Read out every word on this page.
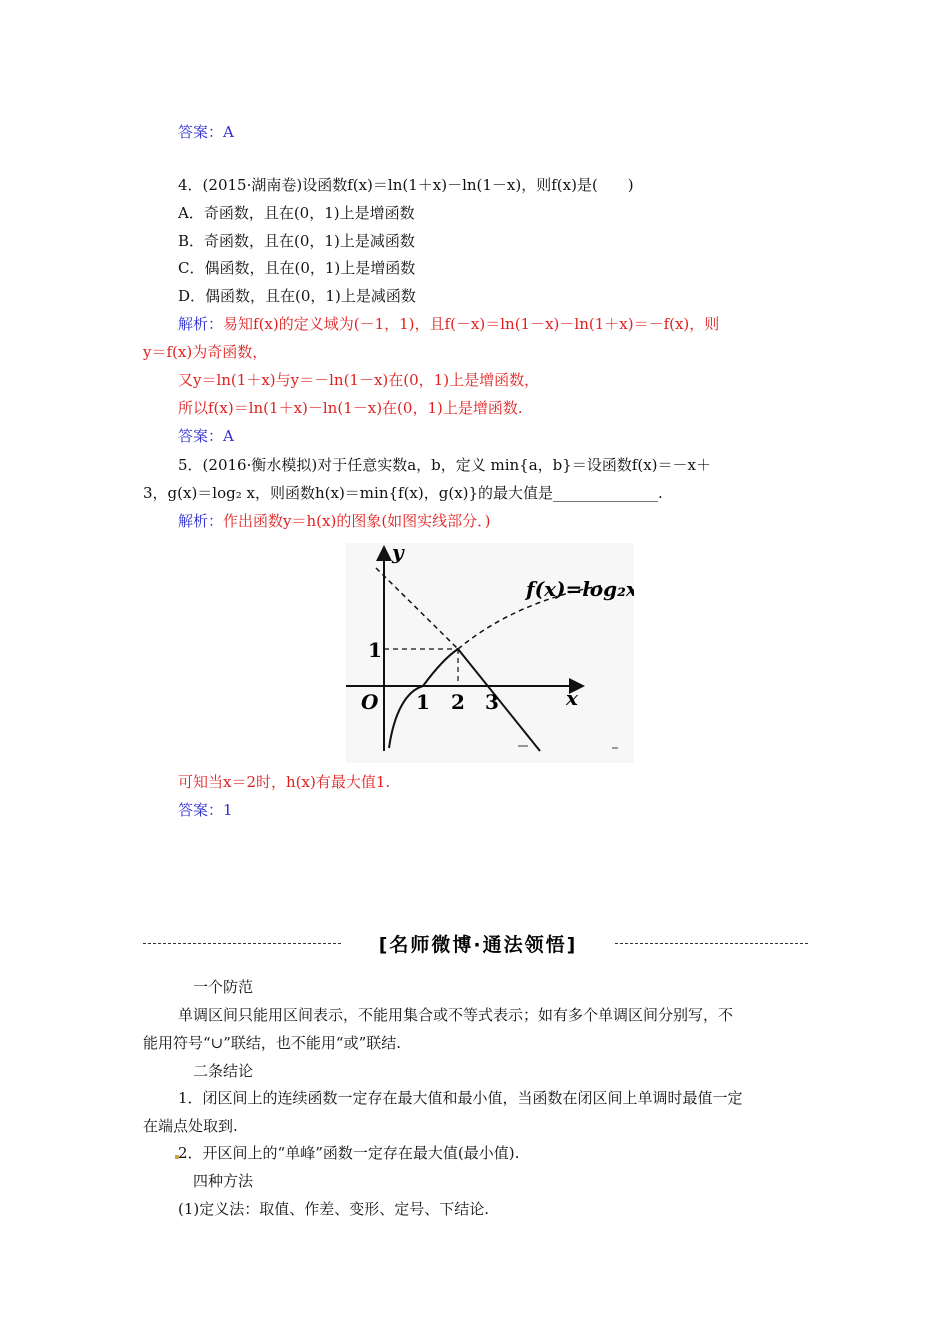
答案：A
4．(2015·湖南卷)设函数f(x)＝ln(1＋x)－ln(1－x)，则f(x)是(　　)
A．奇函数，且在(0，1)上是增函数
B．奇函数，且在(0，1)上是减函数
C．偶函数，且在(0，1)上是增函数
D．偶函数，且在(0，1)上是减函数
解析：易知f(x)的定义域为(－1，1)，且f(－x)＝ln(1－x)－ln(1＋x)＝－f(x)，则
y＝f(x)为奇函数，
又y＝ln(1＋x)与y＝－ln(1－x)在(0，1)上是增函数，
所以f(x)＝ln(1＋x)－ln(1－x)在(0，1)上是增函数.
答案：A
5．(2016·衡水模拟)对于任意实数a，b，定义 min{a，b}＝设函数f(x)＝－x＋
3，g(x)＝log₂ x，则函数h(x)＝min{f(x)，g(x)}的最大值是______________.
解析：作出函数y＝h(x)的图象(如图实线部分．)
y
x
O
f(x)=log₂x
1
1 2 3
可知当x＝2时，h(x)有最大值1.
答案：1
[名师微博·通法领悟]
一个防范
单调区间只能用区间表示，不能用集合或不等式表示；如有多个单调区间分别写，不
能用符号“∪”联结，也不能用“或”联结.
二条结论
1．闭区间上的连续函数一定存在最大值和最小值，当函数在闭区间上单调时最值一定
在端点处取到.
2．开区间上的“单峰”函数一定存在最大值(最小值).
四种方法
(1)定义法：取值、作差、变形、定号、下结论.
